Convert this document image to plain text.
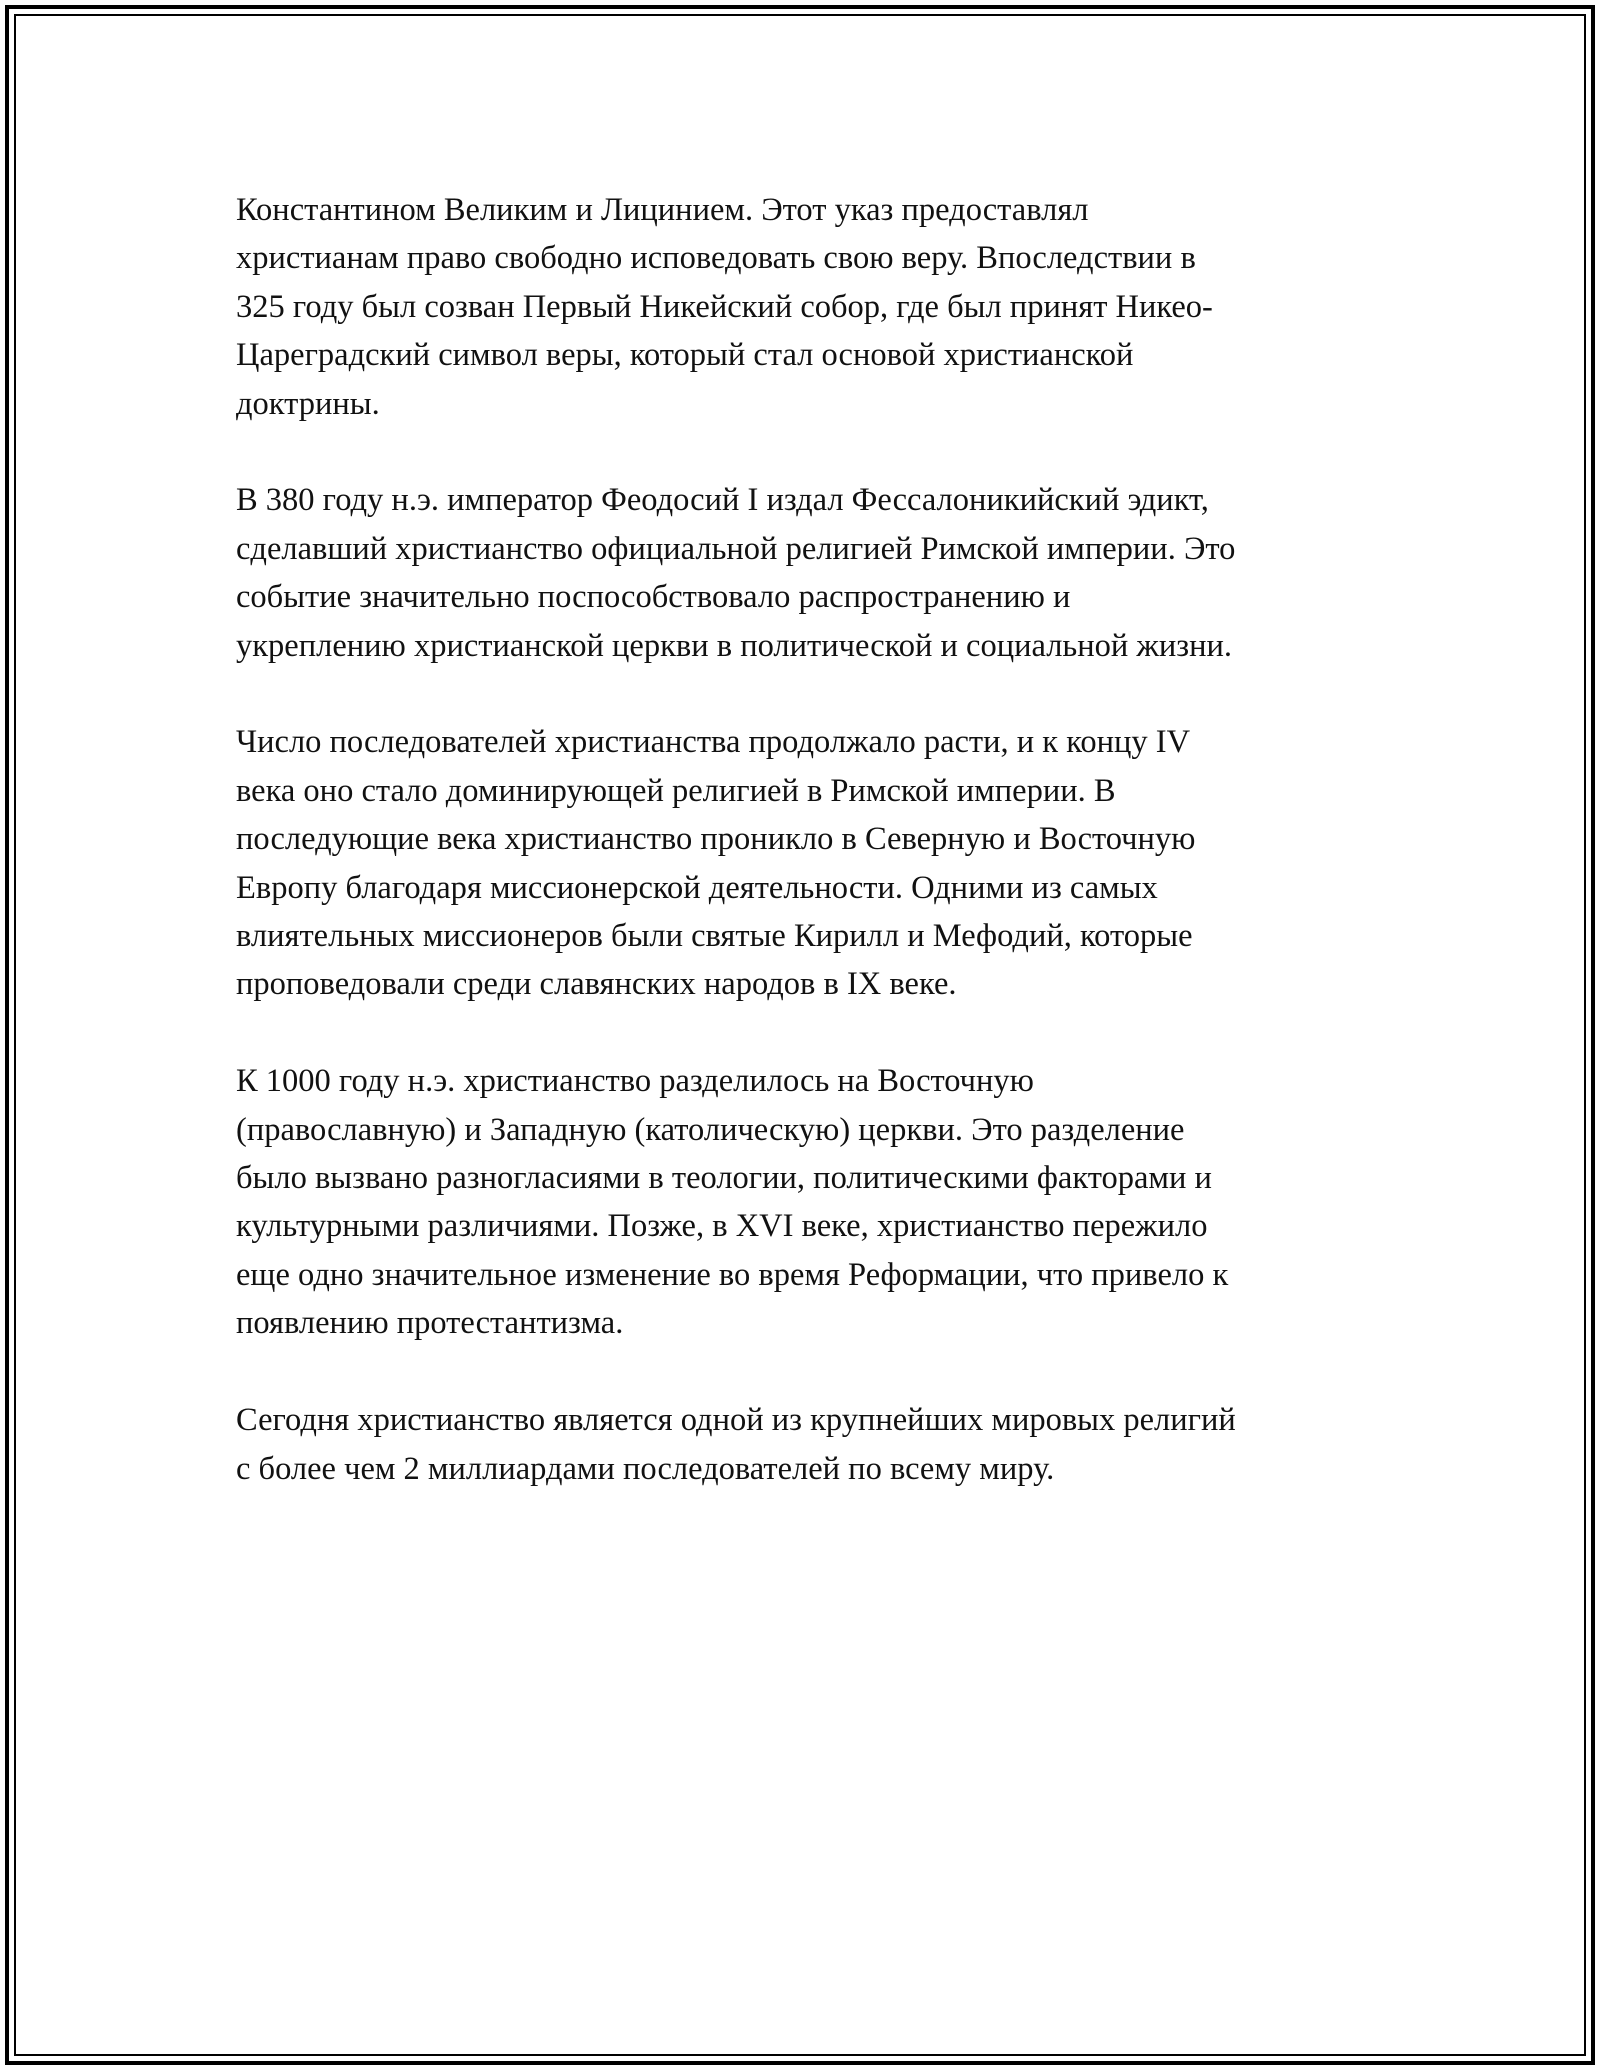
Константином Великим и Лицинием. Этот указ предоставлял
христианам право свободно исповедовать свою веру. Впоследствии в
325 году был созван Первый Никейский собор, где был принят Никео-
Цареградский символ веры, который стал основой христианской
доктрины.

В 380 году н.э. император Феодосий I издал Фессалоникийский эдикт,
сделавший христианство официальной религией Римской империи. Это
событие значительно поспособствовало распространению и
укреплению христианской церкви в политической и социальной жизни.

Число последователей христианства продолжало расти, и к концу IV
века оно стало доминирующей религией в Римской империи. В
последующие века христианство проникло в Северную и Восточную
Европу благодаря миссионерской деятельности. Одними из самых
влиятельных миссионеров были святые Кирилл и Мефодий, которые
проповедовали среди славянских народов в IX веке.

К 1000 году н.э. христианство разделилось на Восточную
(православную) и Западную (католическую) церкви. Это разделение
было вызвано разногласиями в теологии, политическими факторами и
культурными различиями. Позже, в XVI веке, христианство пережило
еще одно значительное изменение во время Реформации, что привело к
появлению протестантизма.

Сегодня христианство является одной из крупнейших мировых религий
с более чем 2 миллиардами последователей по всему миру.
